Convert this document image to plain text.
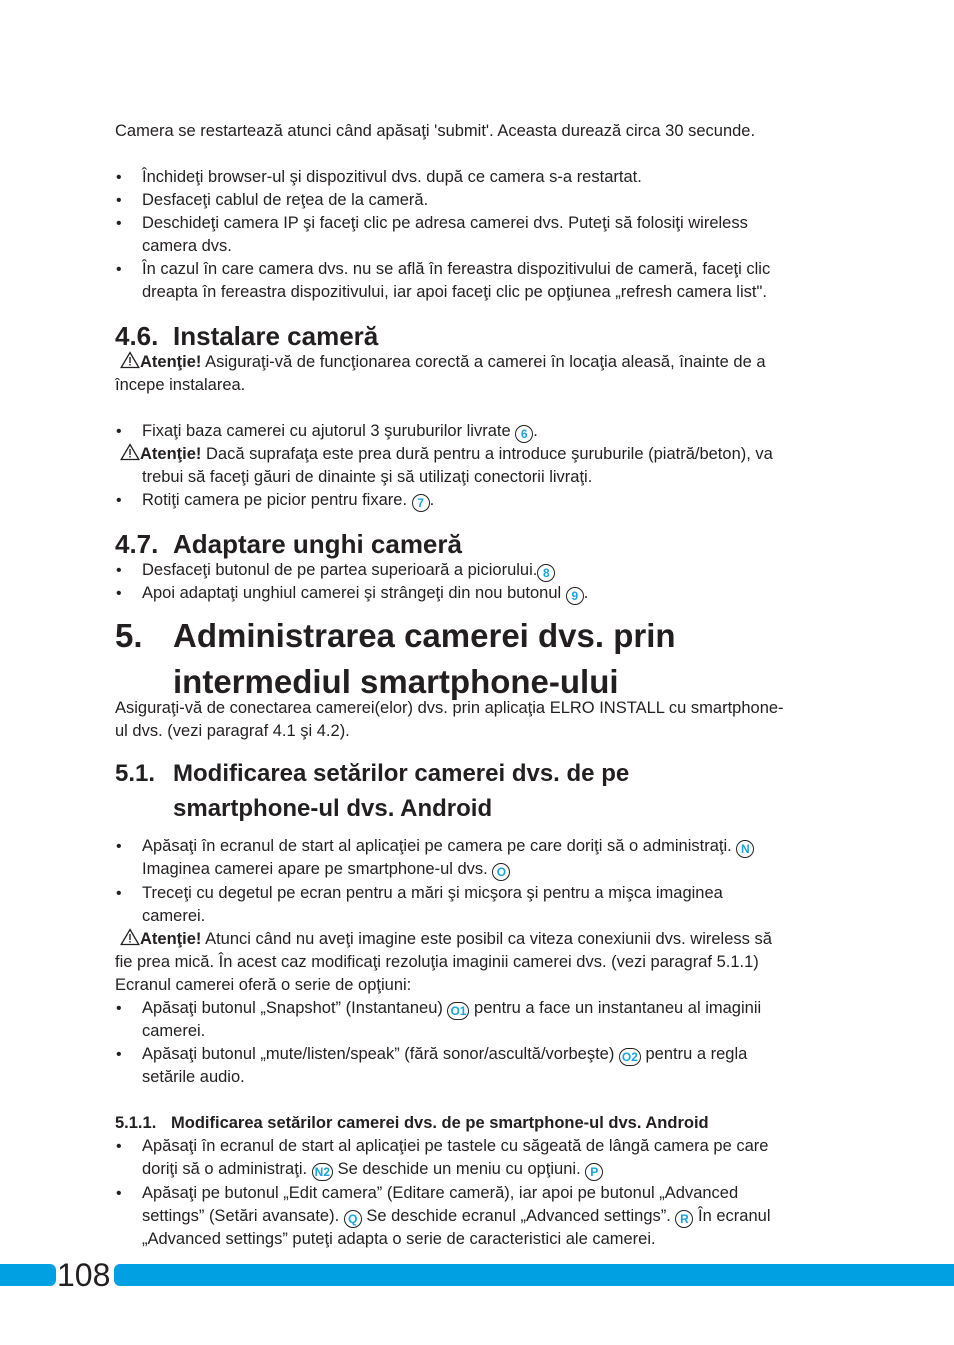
Camera se restartează atunci când apăsaţi 'submit'. Aceasta durează circa 30 secunde.
• Închideţi browser-ul şi dispozitivul dvs. după ce camera s-a restartat.
• Desfaceţi cablul de reţea de la cameră.
• Deschideţi camera IP şi faceţi clic pe adresa camerei dvs. Puteţi să folosiţi wireless
camera dvs.
• În cazul în care camera dvs. nu se află în fereastra dispozitivului de cameră, faceţi clic
dreapta în fereastra dispozitivului, iar apoi faceţi clic pe opţiunea „refresh camera list".
4.6. Instalare cameră
Atenţie! Asiguraţi-vă de funcţionarea corectă a camerei în locaţia aleasă, înainte de a
începe instalarea.
• Fixaţi baza camerei cu ajutorul 3 şuruburilor livrate 6 .
Atenţie! Dacă suprafaţa este prea dură pentru a introduce şuruburile (piatră/beton), va
trebui să faceţi găuri de dinainte şi să utilizaţi conectorii livraţi.
• Rotiţi camera pe picior pentru fixare. 7 .
4.7. Adaptare unghi cameră
• Desfaceţi butonul de pe partea superioară a piciorului. 8
• Apoi adaptaţi unghiul camerei şi strângeţi din nou butonul 9 .
5. Administrarea camerei dvs. prin
intermediul smartphone-ului
Asiguraţi-vă de conectarea camerei(elor) dvs. prin aplicaţia ELRO INSTALL cu smartphone-
ul dvs. (vezi paragraf 4.1 şi 4.2).
5.1. Modificarea setărilor camerei dvs. de pe
smartphone-ul dvs. Android
• Apăsaţi în ecranul de start al aplicaţiei pe camera pe care doriţi să o administraţi. N
Imaginea camerei apare pe smartphone-ul dvs. O
• Treceţi cu degetul pe ecran pentru a mări şi micşora şi pentru a mişca imaginea
camerei.
Atenţie! Atunci când nu aveţi imagine este posibil ca viteza conexiunii dvs. wireless să
fie prea mică. În acest caz modificaţi rezoluţia imaginii camerei dvs. (vezi paragraf 5.1.1)
Ecranul camerei oferă o serie de opţiuni:
• Apăsaţi butonul „Snapshot” (Instantaneu) O1 pentru a face un instantaneu al imaginii
camerei.
• Apăsaţi butonul „mute/listen/speak” (fără sonor/ascultă/vorbeşte) O2 pentru a regla
setările audio.
5.1.1. Modificarea setărilor camerei dvs. de pe smartphone-ul dvs. Android
• Apăsaţi în ecranul de start al aplicaţiei pe tastele cu săgeată de lângă camera pe care
doriţi să o administraţi. N2 Se deschide un meniu cu opţiuni. P
• Apăsaţi pe butonul „Edit camera” (Editare cameră), iar apoi pe butonul „Advanced
settings” (Setări avansate). Q Se deschide ecranul „Advanced settings”. R În ecranul
„Advanced settings” puteţi adapta o serie de caracteristici ale camerei.
108
